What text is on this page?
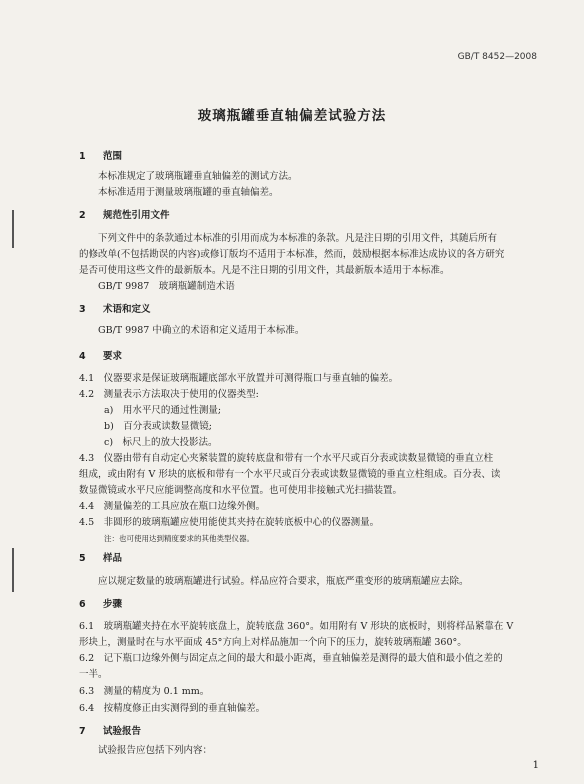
GB/T 8452—2008
玻璃瓶罐垂直轴偏差试验方法
1 范围
本标准规定了玻璃瓶罐垂直轴偏差的测试方法。
本标准适用于测量玻璃瓶罐的垂直轴偏差。
2 规范性引用文件
下列文件中的条款通过本标准的引用而成为本标准的条款。凡是注日期的引用文件，其随后所有
的修改单(不包括勘误的内容)或修订版均不适用于本标准，然而，鼓励根据本标准达成协议的各方研究
是否可使用这些文件的最新版本。凡是不注日期的引用文件，其最新版本适用于本标准。
GB/T 9987　玻璃瓶罐制造术语
3 术语和定义
GB/T 9987 中确立的术语和定义适用于本标准。
4 要求
4.1　仪器要求是保证玻璃瓶罐底部水平放置并可测得瓶口与垂直轴的偏差。
4.2　测量表示方法取决于使用的仪器类型:
a)　用水平尺的通过性测量;
b)　百分表或读数显微镜;
c)　标尺上的放大投影法。
4.3　仪器由带有自动定心夹紧装置的旋转底盘和带有一个水平尺或百分表或读数显微镜的垂直立柱
组成，或由附有 V 形块的底板和带有一个水平尺或百分表或读数显微镜的垂直立柱组成。百分表、读
数显微镜或水平尺应能调整高度和水平位置。也可使用非接触式光扫描装置。
4.4　测量偏差的工具应放在瓶口边缘外侧。
4.5　非圆形的玻璃瓶罐应使用能使其夹持在旋转底板中心的仪器测量。
注：也可使用达到精度要求的其他类型仪器。
5 样品
应以规定数量的玻璃瓶罐进行试验。样品应符合要求，瓶底严重变形的玻璃瓶罐应去除。
6 步骤
6.1　玻璃瓶罐夹持在水平旋转底盘上，旋转底盘 360°。如用附有 V 形块的底板时，则将样品紧靠在 V
形块上，测量时在与水平面成 45°方向上对样品施加一个向下的压力，旋转玻璃瓶罐 360°。
6.2　记下瓶口边缘外侧与固定点之间的最大和最小距离，垂直轴偏差是测得的最大值和最小值之差的
一半。
6.3　测量的精度为 0.1 mm。
6.4　按精度修正由实测得到的垂直轴偏差。
7 试验报告
试验报告应包括下列内容：
1
